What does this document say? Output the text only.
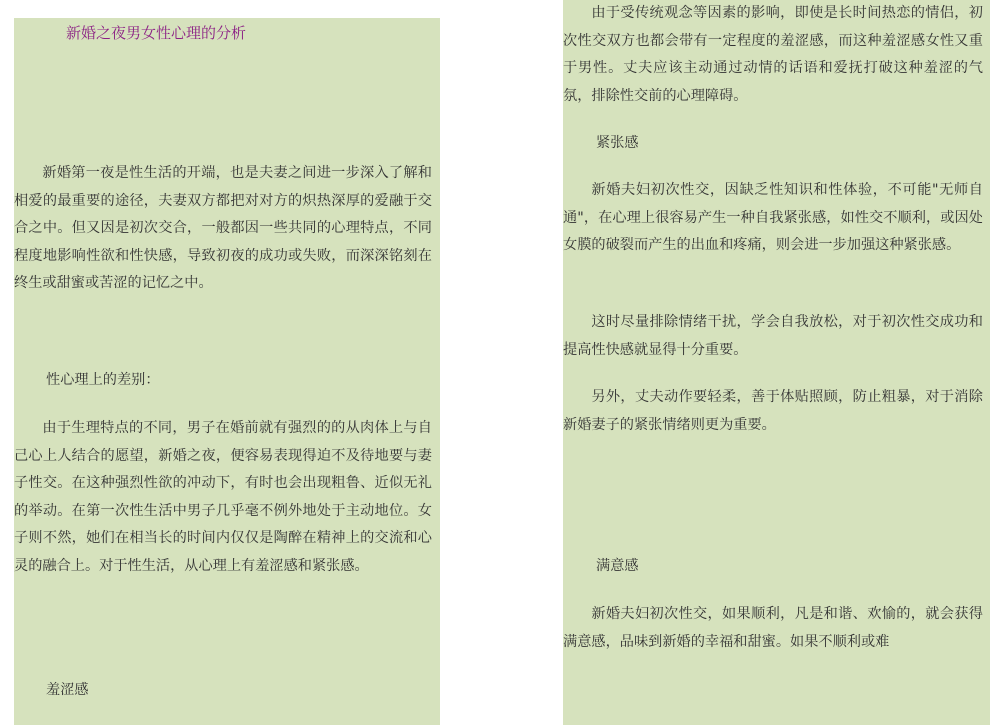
新婚之夜男女性心理的分析

新婚第一夜是性生活的开端，也是夫妻之间进一步深入了解和相爱的最重要的途径，夫妻双方都把对对方的炽热深厚的爱融于交合之中。但又因是初次交合，一般都因一些共同的心理特点，不同程度地影响性欲和性快感，导致初夜的成功或失败，而深深铭刻在终生或甜蜜或苦涩的记忆之中。

性心理上的差别：

由于生理特点的不同，男子在婚前就有强烈的的从肉体上与自己心上人结合的愿望，新婚之夜，便容易表现得迫不及待地要与妻子性交。在这种强烈性欲的冲动下，有时也会出现粗鲁、近似无礼的举动。在第一次性生活中男子几乎毫不例外地处于主动地位。女子则不然，她们在相当长的时间内仅仅是陶醉在精神上的交流和心灵的融合上。对于性生活，从心理上有羞涩感和紧张感。

羞涩感

由于受传统观念等因素的影响，即使是长时间热恋的情侣，初次性交双方也都会带有一定程度的羞涩感，而这种羞涩感女性又重于男性。丈夫应该主动通过动情的话语和爱抚打破这种羞涩的气氛，排除性交前的心理障碍。

紧张感

新婚夫妇初次性交，因缺乏性知识和性体验，不可能"无师自通"，在心理上很容易产生一种自我紧张感，如性交不顺利，或因处女膜的破裂而产生的出血和疼痛，则会进一步加强这种紧张感。

这时尽量排除情绪干扰，学会自我放松，对于初次性交成功和提高性快感就显得十分重要。

另外，丈夫动作要轻柔，善于体贴照顾，防止粗暴，对于消除新婚妻子的紧张情绪则更为重要。

满意感

新婚夫妇初次性交，如果顺利，凡是和谐、欢愉的，就会获得满意感，品味到新婚的幸福和甜蜜。如果不顺利或难
